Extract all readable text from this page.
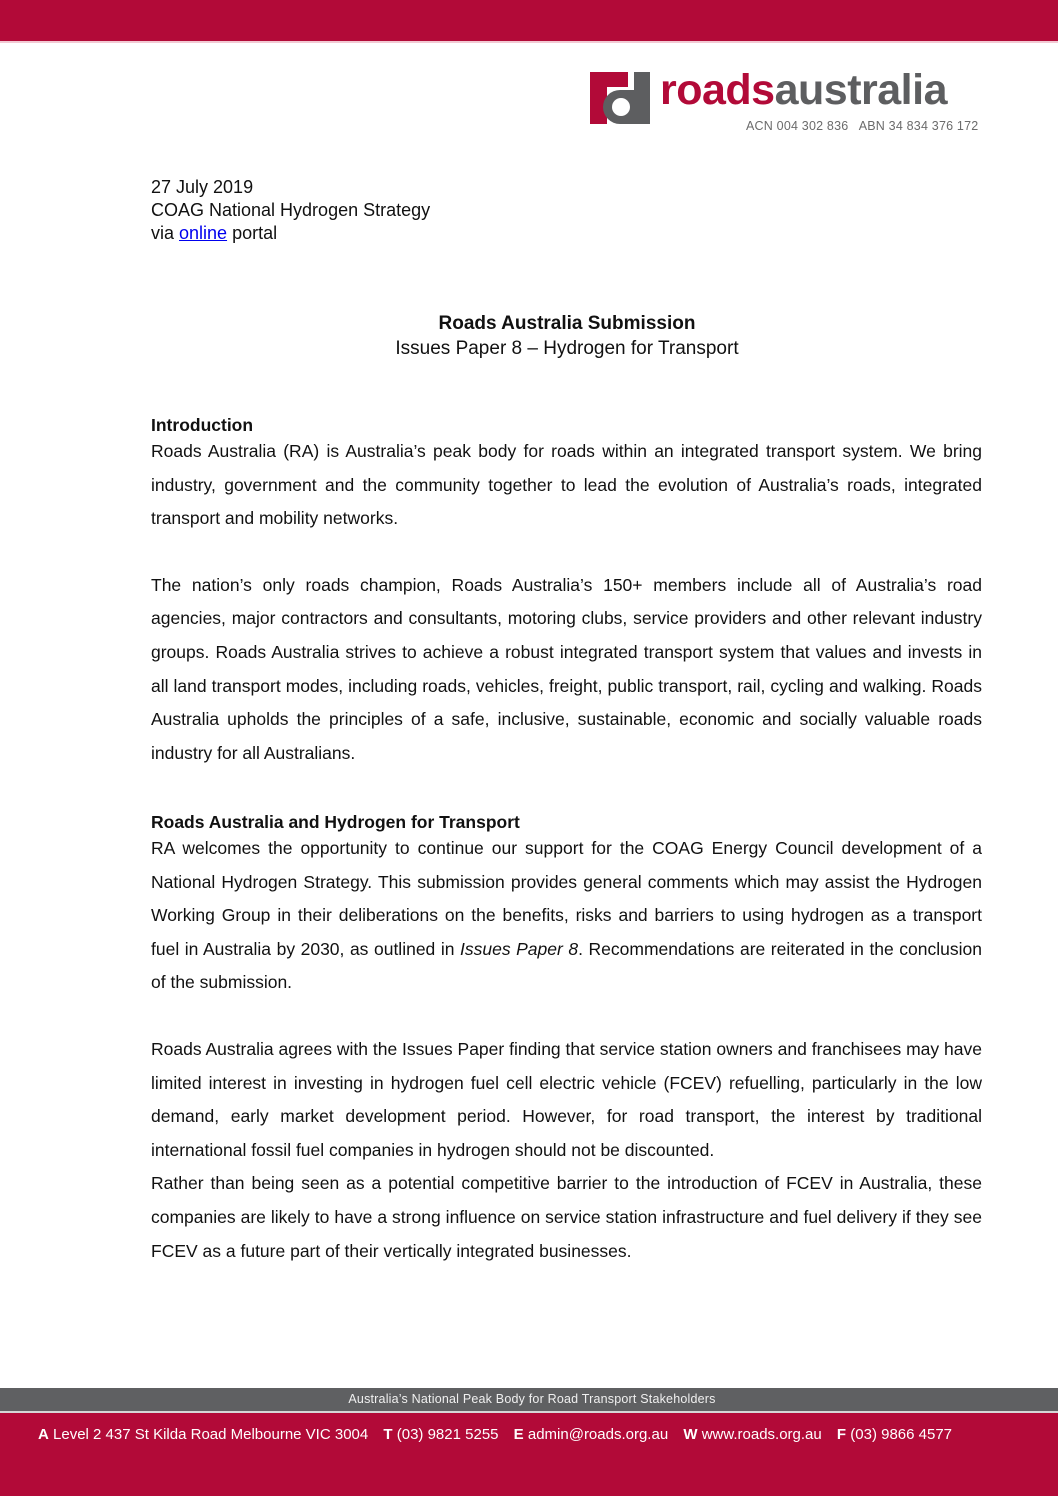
roadsaustralia
ACN 004 302 836   ABN 34 834 376 172
27 July 2019
COAG National Hydrogen Strategy
via online portal
Roads Australia Submission
Issues Paper 8 – Hydrogen for Transport

Introduction

Roads Australia (RA) is Australia’s peak body for roads within an integrated transport system. We bring industry, government and the community together to lead the evolution of Australia’s roads, integrated transport and mobility networks.

The nation’s only roads champion, Roads Australia’s 150+ members include all of Australia’s road agencies, major contractors and consultants, motoring clubs, service providers and other relevant industry groups. Roads Australia strives to achieve a robust integrated transport system that values and invests in all land transport modes, including roads, vehicles, freight, public transport, rail, cycling and walking. Roads Australia upholds the principles of a safe, inclusive, sustainable, economic and socially valuable roads industry for all Australians.

Roads Australia and Hydrogen for Transport

RA welcomes the opportunity to continue our support for the COAG Energy Council development of a National Hydrogen Strategy. This submission provides general comments which may assist the Hydrogen Working Group in their deliberations on the benefits, risks and barriers to using hydrogen as a transport fuel in Australia by 2030, as outlined in Issues Paper 8. Recommendations are reiterated in the conclusion of the submission.

Roads Australia agrees with the Issues Paper finding that service station owners and franchisees may have limited interest in investing in hydrogen fuel cell electric vehicle (FCEV) refuelling, particularly in the low demand, early market development period. However, for road transport, the interest by traditional international fossil fuel companies in hydrogen should not be discounted.

Rather than being seen as a potential competitive barrier to the introduction of FCEV in Australia, these companies are likely to have a strong influence on service station infrastructure and fuel delivery if they see FCEV as a future part of their vertically integrated businesses.

Australia’s National Peak Body for Road Transport Stakeholders
A Level 2 437 St Kilda Road Melbourne VIC 3004 T (03) 9821 5255 E admin@roads.org.au W www.roads.org.au F (03) 9866 4577
